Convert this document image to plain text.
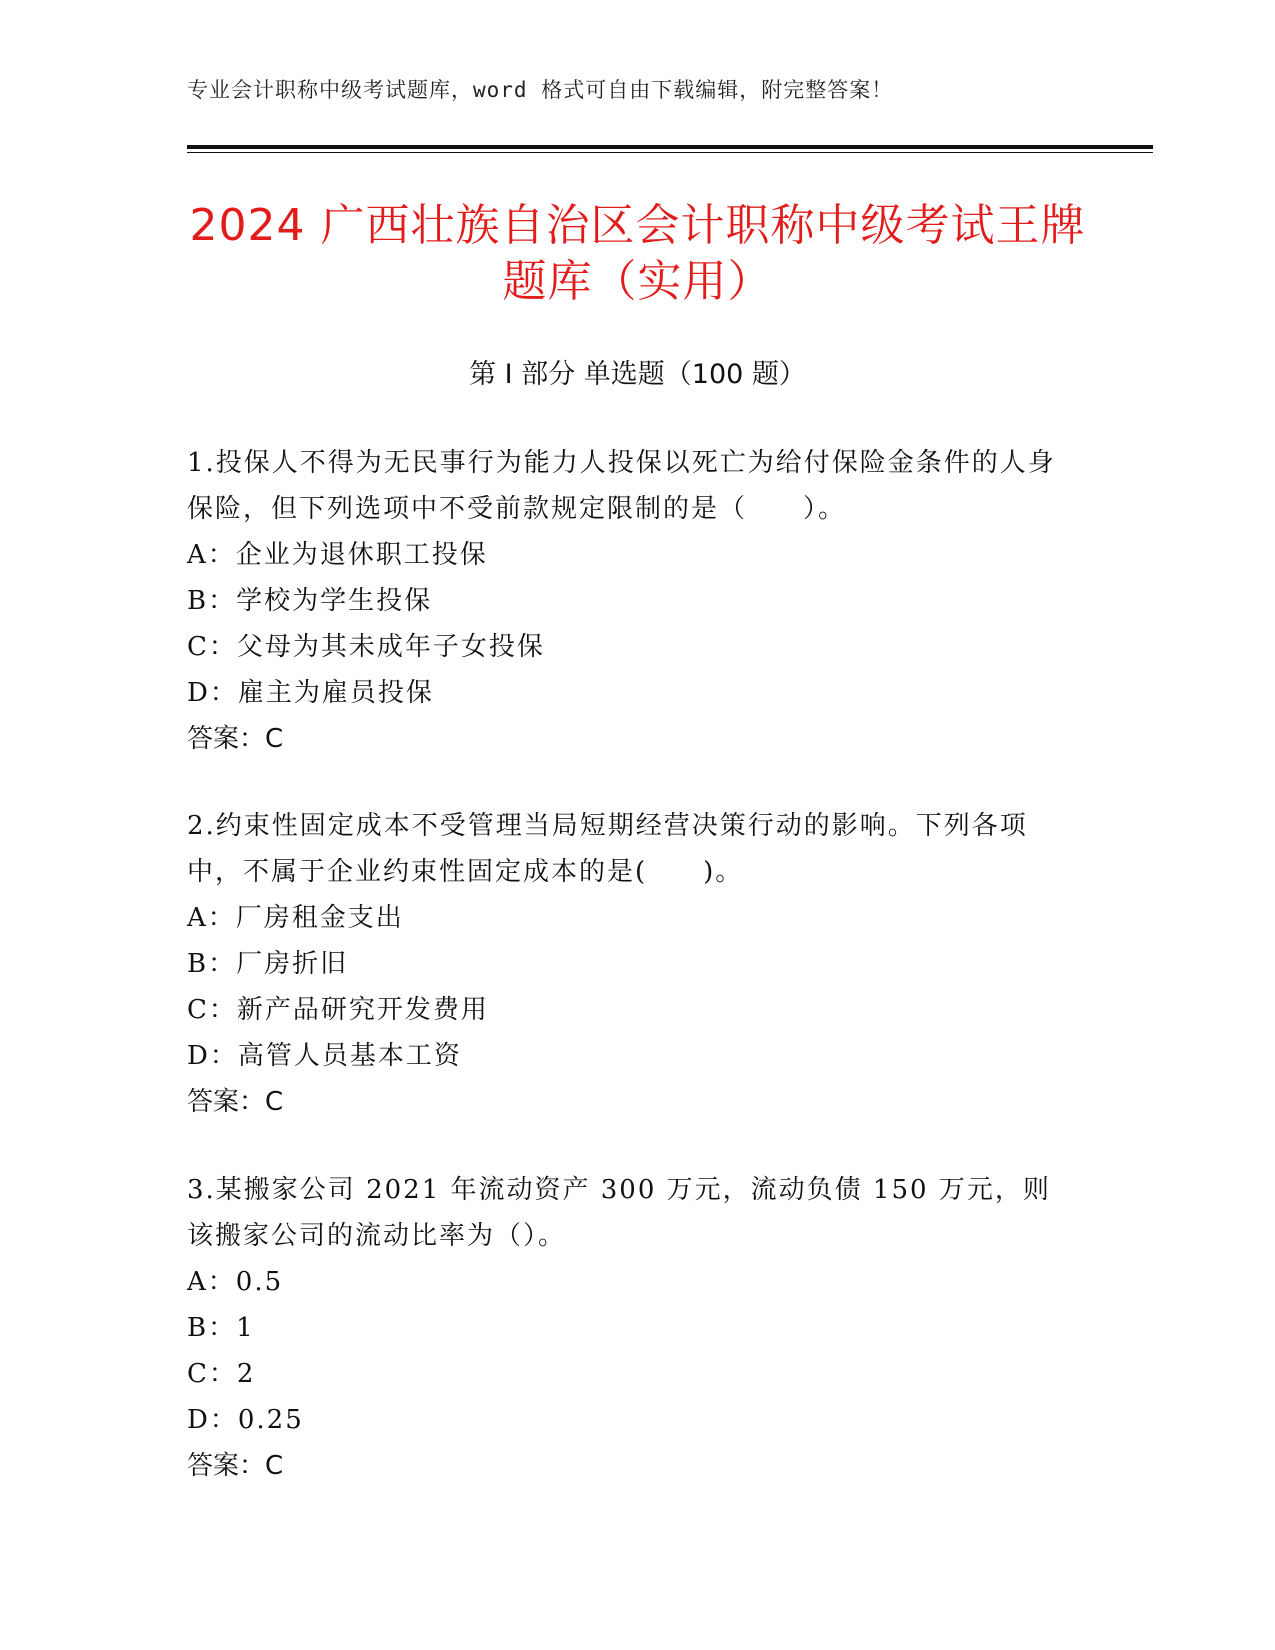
专业会计职称中级考试题库，word 格式可自由下载编辑，附完整答案！
2024 广西壮族自治区会计职称中级考试王牌
题库（实用）
第 I 部分 单选题（100 题）

1.投保人不得为无民事行为能力人投保以死亡为给付保险金条件的人身保险，但下列选项中不受前款规定限制的是（　　）。

A：企业为退休职工投保

B：学校为学生投保

C：父母为其未成年子女投保

D：雇主为雇员投保

答案：C

2.约束性固定成本不受管理当局短期经营决策行动的影响。下列各项中，不属于企业约束性固定成本的是(　　)。

A：厂房租金支出

B：厂房折旧

C：新产品研究开发费用

D：高管人员基本工资

答案：C

3.某搬家公司 2021 年流动资产 300 万元，流动负债 150 万元，则该搬家公司的流动比率为（）。

A：0.5

B：1

C：2

D：0.25

答案：C
